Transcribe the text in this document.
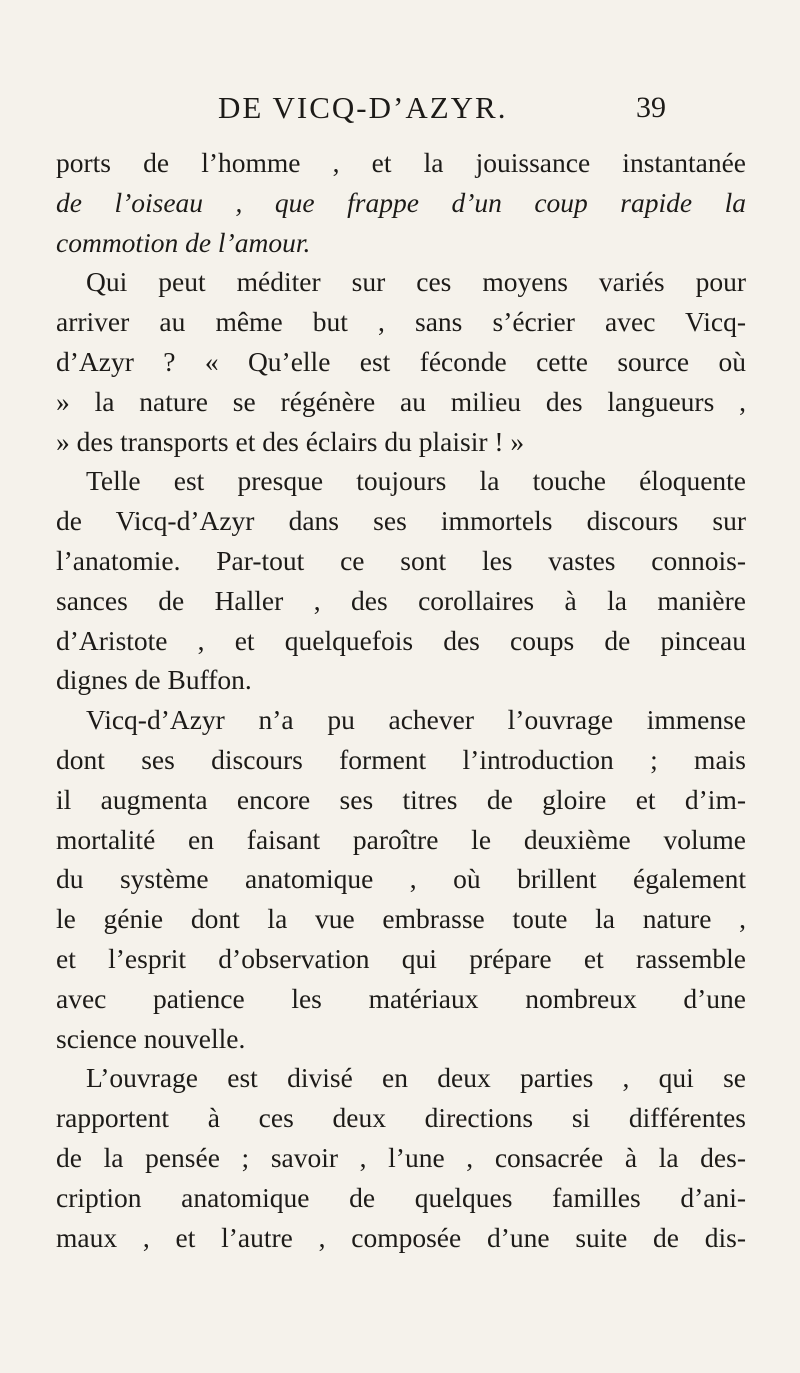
DE VICQ-D’AZYR.	39
ports de l’homme , et la jouissance instantanée
de l’oiseau , que frappe d’un coup rapide la
commotion de l’amour.
Qui peut méditer sur ces moyens variés pour
arriver au même but , sans s’écrier avec Vicq-
d’Azyr ? « Qu’elle est féconde cette source où
» la nature se régénère au milieu des langueurs ,
» des transports et des éclairs du plaisir ! »
Telle est presque toujours la touche éloquente
de Vicq-d’Azyr dans ses immortels discours sur
l’anatomie. Par-tout ce sont les vastes connois-
sances de Haller , des corollaires à la manière
d’Aristote , et quelquefois des coups de pinceau
dignes de Buffon.
Vicq-d’Azyr n’a pu achever l’ouvrage immense
dont ses discours forment l’introduction ; mais
il augmenta encore ses titres de gloire et d’im-
mortalité en faisant paroître le deuxième volume
du système anatomique , où brillent également
le génie dont la vue embrasse toute la nature ,
et l’esprit d’observation qui prépare et rassemble
avec patience les matériaux nombreux d’une
science nouvelle.
L’ouvrage est divisé en deux parties , qui se
rapportent à ces deux directions si différentes
de la pensée ; savoir , l’une , consacrée à la des-
cription anatomique de quelques familles d’ani-
maux , et l’autre , composée d’une suite de dis-
